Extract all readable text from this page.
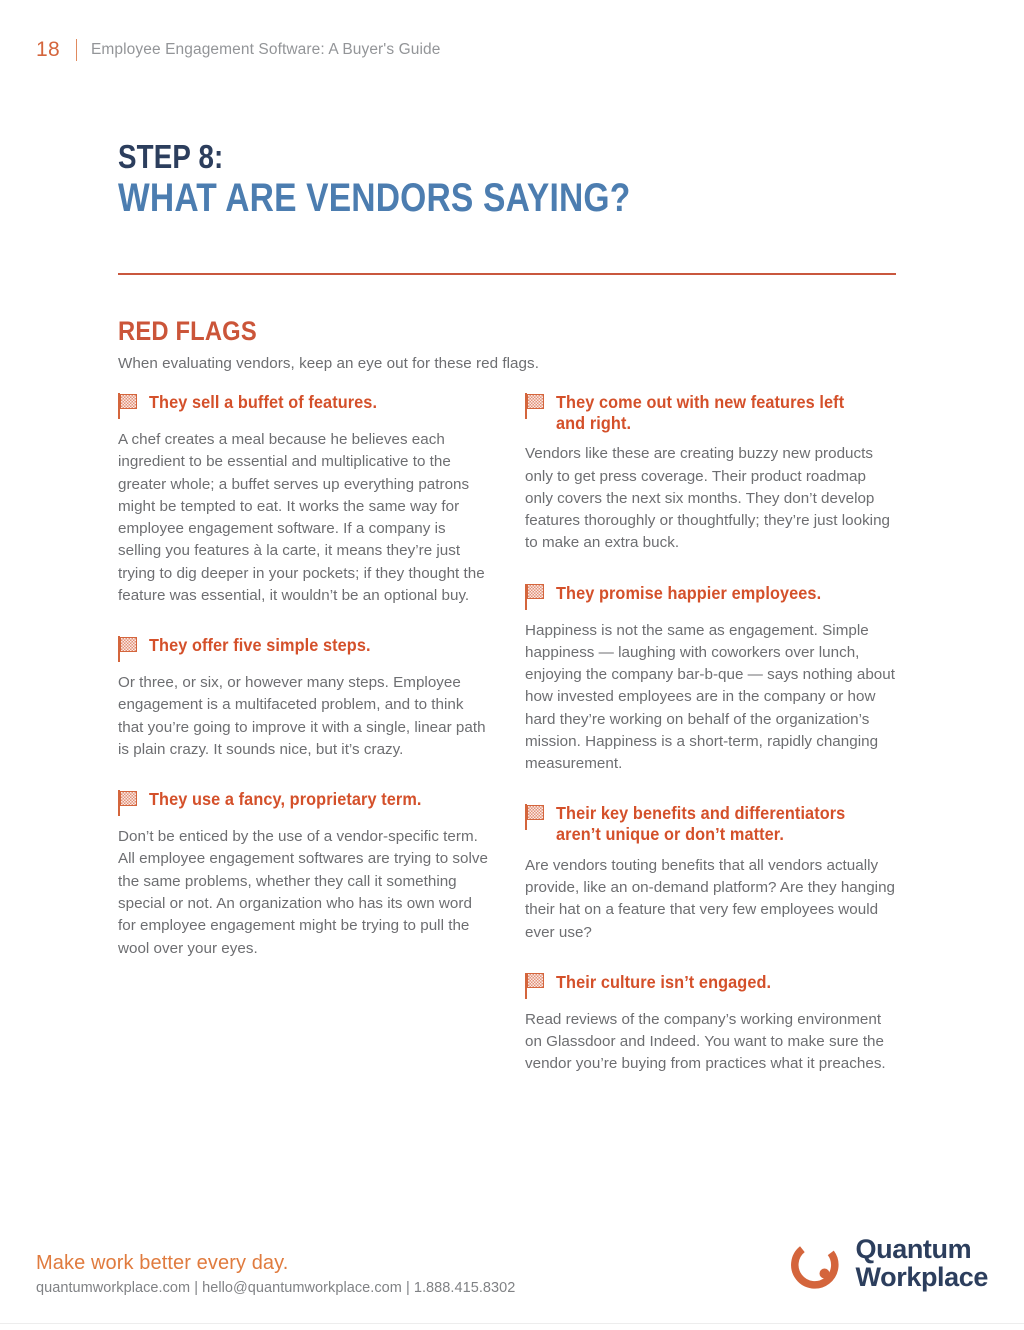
18 Employee Engagement Software: A Buyer's Guide
STEP 8:
WHAT ARE VENDORS SAYING?
RED FLAGS
When evaluating vendors, keep an eye out for these red flags.
They sell a buffet of features.

A chef creates a meal because he believes each ingredient to be essential and multiplicative to the greater whole; a buffet serves up everything patrons might be tempted to eat. It works the same way for employee engagement software. If a company is selling you features à la carte, it means they’re just trying to dig deeper in your pockets; if they thought the feature was essential, it wouldn’t be an optional buy.

They offer five simple steps.

Or three, or six, or however many steps. Employee engagement is a multifaceted problem, and to think that you’re going to improve it with a single, linear path is plain crazy. It sounds nice, but it’s crazy.

They use a fancy, proprietary term.

Don’t be enticed by the use of a vendor-specific term. All employee engagement softwares are trying to solve the same problems, whether they call it something special or not. An organization who has its own word for employee engagement might be trying to pull the wool over your eyes.

They come out with new features left and right.

Vendors like these are creating buzzy new products only to get press coverage. Their product roadmap only covers the next six months. They don’t develop features thoroughly or thoughtfully; they’re just looking to make an extra buck.

They promise happier employees.

Happiness is not the same as engagement. Simple happiness — laughing with coworkers over lunch, enjoying the company bar-b-que — says nothing about how invested employees are in the company or how hard they’re working on behalf of the organization’s mission. Happiness is a short-term, rapidly changing measurement.

Their key benefits and differentiators aren’t unique or don’t matter.

Are vendors touting benefits that all vendors actually provide, like an on-demand platform? Are they hanging their hat on a feature that very few employees would ever use?

Their culture isn’t engaged.

Read reviews of the company’s working environment on Glassdoor and Indeed. You want to make sure the vendor you’re buying from practices what it preaches.

Make work better every day.
quantumworkplace.com | hello@quantumworkplace.com | 1.888.415.8302
Quantum
Workplace
